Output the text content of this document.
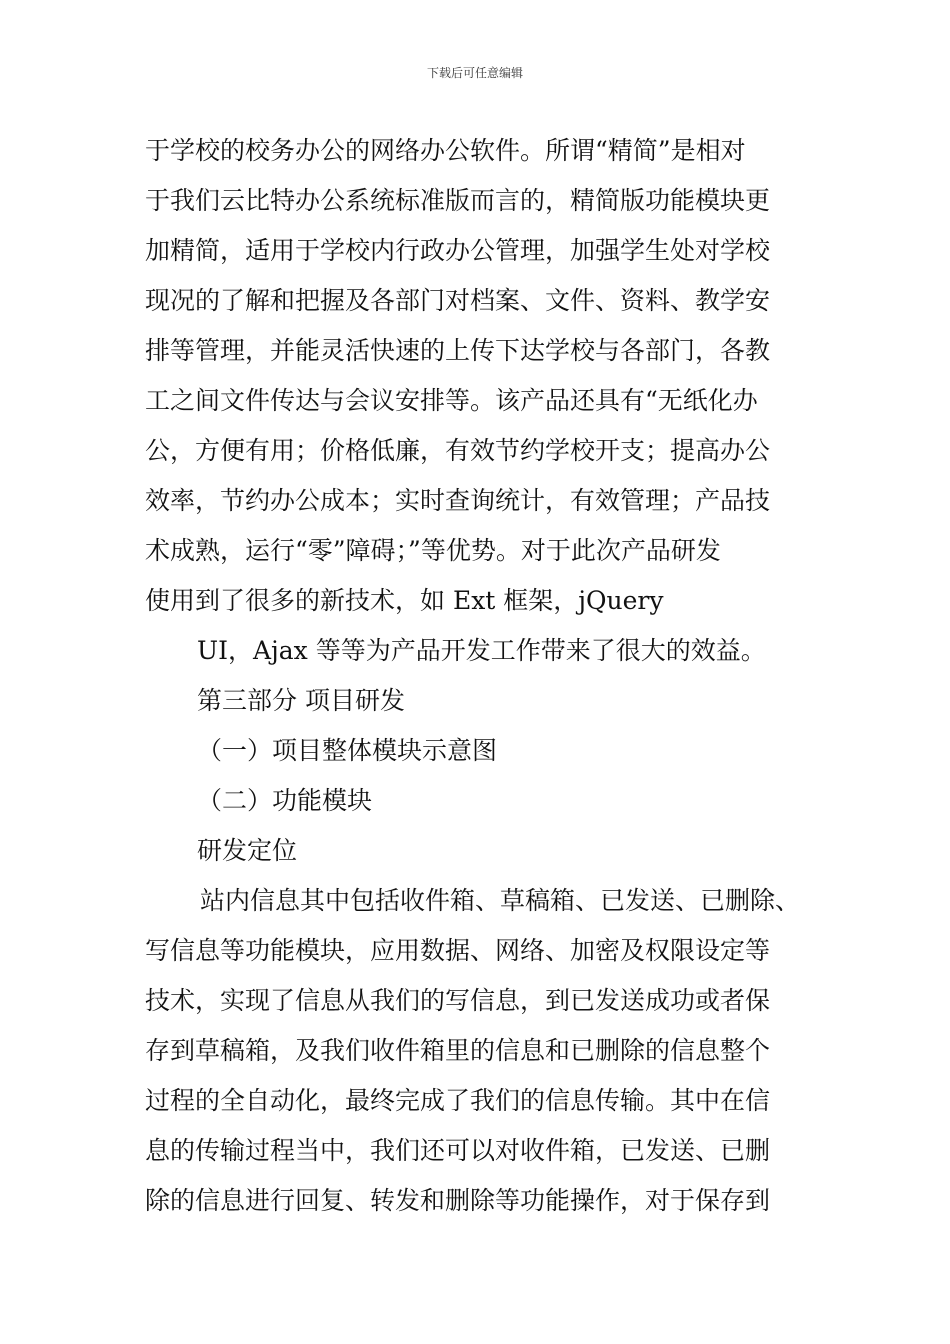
下载后可任意编辑
于学校的校务办公的网络办公软件。所谓“精简”是相对
于我们云比特办公系统标准版而言的，精简版功能模块更
加精简，适用于学校内行政办公管理，加强学生处对学校
现况的了解和把握及各部门对档案、文件、资料、教学安
排等管理，并能灵活快速的上传下达学校与各部门，各教
工之间文件传达与会议安排等。该产品还具有“无纸化办
公，方便有用；价格低廉，有效节约学校开支；提高办公
效率，节约办公成本；实时查询统计，有效管理；产品技
术成熟，运行“零”障碍；”等优势。对于此次产品研发
使用到了很多的新技术，如 Ext 框架，jQuery
UI，Ajax 等等为产品开发工作带来了很大的效益。
第三部分 项目研发
（一）项目整体模块示意图
（二）功能模块
研发定位
站内信息其中包括收件箱、草稿箱、已发送、已删除、
写信息等功能模块，应用数据、网络、加密及权限设定等
技术，实现了信息从我们的写信息，到已发送成功或者保
存到草稿箱，及我们收件箱里的信息和已删除的信息整个
过程的全自动化，最终完成了我们的信息传输。其中在信
息的传输过程当中，我们还可以对收件箱，已发送、已删
除的信息进行回复、转发和删除等功能操作，对于保存到
